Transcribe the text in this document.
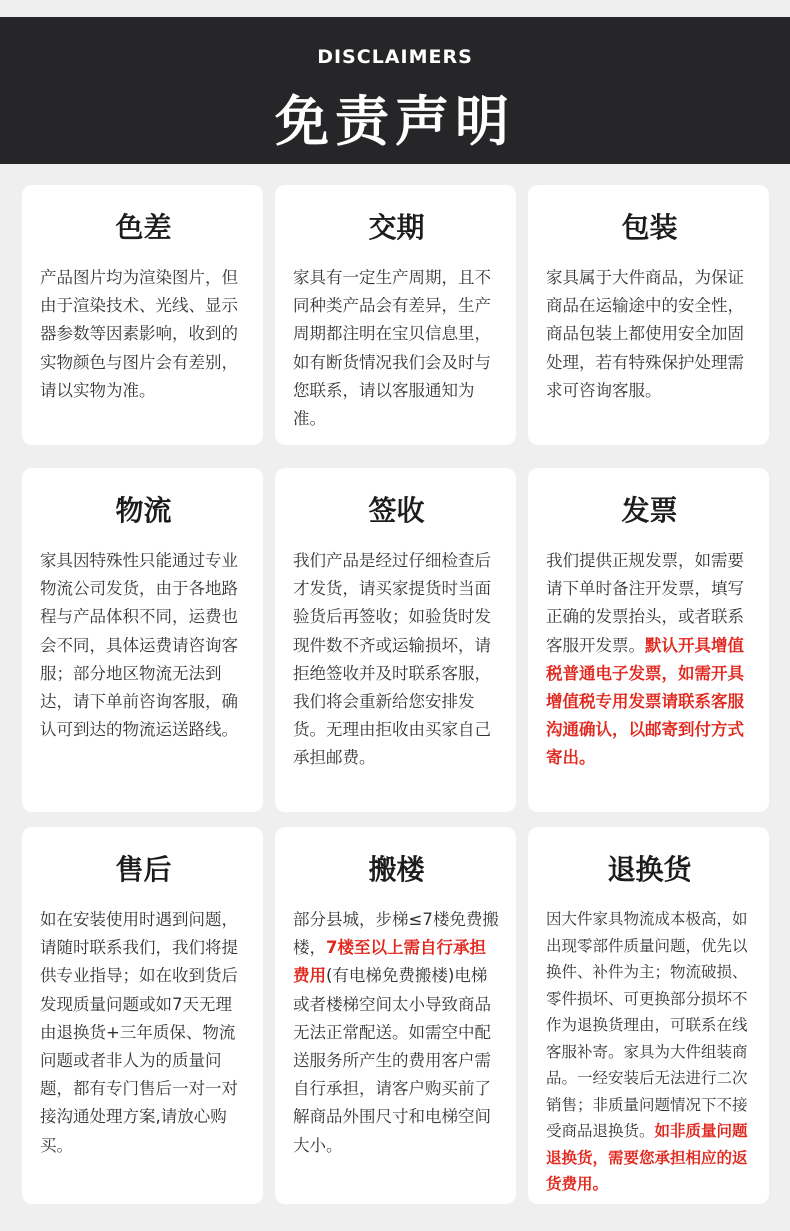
DISCLAIMERS
免责声明
色差
产品图片均为渲染图片，但由于渲染技术、光线、显示器参数等因素影响，收到的实物颜色与图片会有差别，请以实物为准。
交期
家具有一定生产周期，且不同种类产品会有差异，生产周期都注明在宝贝信息里，如有断货情况我们会及时与您联系，请以客服通知为准。
包装
家具属于大件商品，为保证商品在运输途中的安全性，商品包装上都使用安全加固处理，若有特殊保护处理需求可咨询客服。
物流
家具因特殊性只能通过专业物流公司发货，由于各地路程与产品体积不同，运费也会不同，具体运费请咨询客服；部分地区物流无法到达，请下单前咨询客服，确认可到达的物流运送路线。
签收
我们产品是经过仔细检查后才发货，请买家提货时当面验货后再签收；如验货时发现件数不齐或运输损坏，请拒绝签收并及时联系客服，我们将会重新给您安排发货。无理由拒收由买家自己承担邮费。
发票
我们提供正规发票，如需要请下单时备注开发票，填写正确的发票抬头，或者联系客服开发票。默认开具增值税普通电子发票，如需开具增值税专用发票请联系客服沟通确认，以邮寄到付方式寄出。
售后
如在安装使用时遇到问题，请随时联系我们，我们将提供专业指导；如在收到货后发现质量问题或如7天无理由退换货+三年质保、物流问题或者非人为的质量问题，都有专门售后一对一对接沟通处理方案,请放心购买。
搬楼
部分县城，步梯≤7楼免费搬楼，7楼至以上需自行承担费用(有电梯免费搬楼)电梯或者楼梯空间太小导致商品无法正常配送。如需空中配送服务所产生的费用客户需自行承担，请客户购买前了解商品外围尺寸和电梯空间大小。
退换货
因大件家具物流成本极高，如出现零部件质量问题，优先以换件、补件为主；物流破损、零件损坏、可更换部分损坏不作为退换货理由，可联系在线客服补寄。家具为大件组装商品。一经安装后无法进行二次销售；非质量问题情况下不接受商品退换货。如非质量问题退换货，需要您承担相应的返货费用。
